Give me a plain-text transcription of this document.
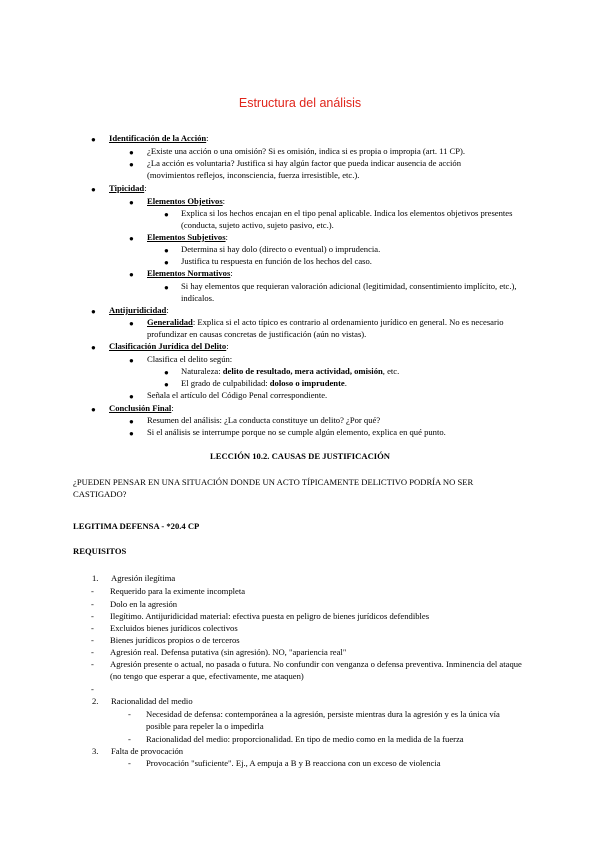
Estructura del análisis
● Identificación de la Acción:
● ¿Existe una acción o una omisión? Si es omisión, indica si es propia o impropia (art. 11 CP).
● ¿La acción es voluntaria? Justifica si hay algún factor que pueda indicar ausencia de acción (movimientos reflejos, inconsciencia, fuerza irresistible, etc.).
● Tipicidad:
● Elementos Objetivos:
● Explica si los hechos encajan en el tipo penal aplicable. Indica los elementos objetivos presentes (conducta, sujeto activo, sujeto pasivo, etc.).
● Elementos Subjetivos:
● Determina si hay dolo (directo o eventual) o imprudencia.
● Justifica tu respuesta en función de los hechos del caso.
● Elementos Normativos:
● Si hay elementos que requieran valoración adicional (legitimidad, consentimiento implícito, etc.), indícalos.
● Antijuridicidad:
● Generalidad: Explica si el acto típico es contrario al ordenamiento jurídico en general. No es necesario profundizar en causas concretas de justificación (aún no vistas).
● Clasificación Jurídica del Delito:
● Clasifica el delito según:
● Naturaleza: delito de resultado, mera actividad, omisión, etc.
● El grado de culpabilidad: doloso o imprudente.
● Señala el artículo del Código Penal correspondiente.
● Conclusión Final:
● Resumen del análisis: ¿La conducta constituye un delito? ¿Por qué?
● Si el análisis se interrumpe porque no se cumple algún elemento, explica en qué punto.
LECCIÓN 10.2. CAUSAS DE JUSTIFICACIÓN
¿PUEDEN PENSAR EN UNA SITUACIÓN DONDE UN ACTO TÍPICAMENTE DELICTIVO PODRÍA NO SER CASTIGADO?
LEGITIMA DEFENSA - *20.4 CP
REQUISITOS
1. Agresión ilegítima
- Requerido para la eximente incompleta
- Dolo en la agresión
- Ilegítimo. Antijuridicidad material: efectiva puesta en peligro de bienes jurídicos defendibles
- Excluidos bienes jurídicos colectivos
- Bienes jurídicos propios o de terceros
- Agresión real. Defensa putativa (sin agresión). NO, "apariencia real"
- Agresión presente o actual, no pasada o futura. No confundir con venganza o defensa preventiva. Inminencia del ataque (no tengo que esperar a que, efectivamente, me ataquen)
-
2. Racionalidad del medio
- Necesidad de defensa: contemporánea a la agresión, persiste mientras dura la agresión y es la única vía posible para repeler la o impedirla
- Racionalidad del medio: proporcionalidad. En tipo de medio como en la medida de la fuerza
3. Falta de provocación
- Provocación "suficiente". Ej., A empuja a B y B reacciona con un exceso de violencia
